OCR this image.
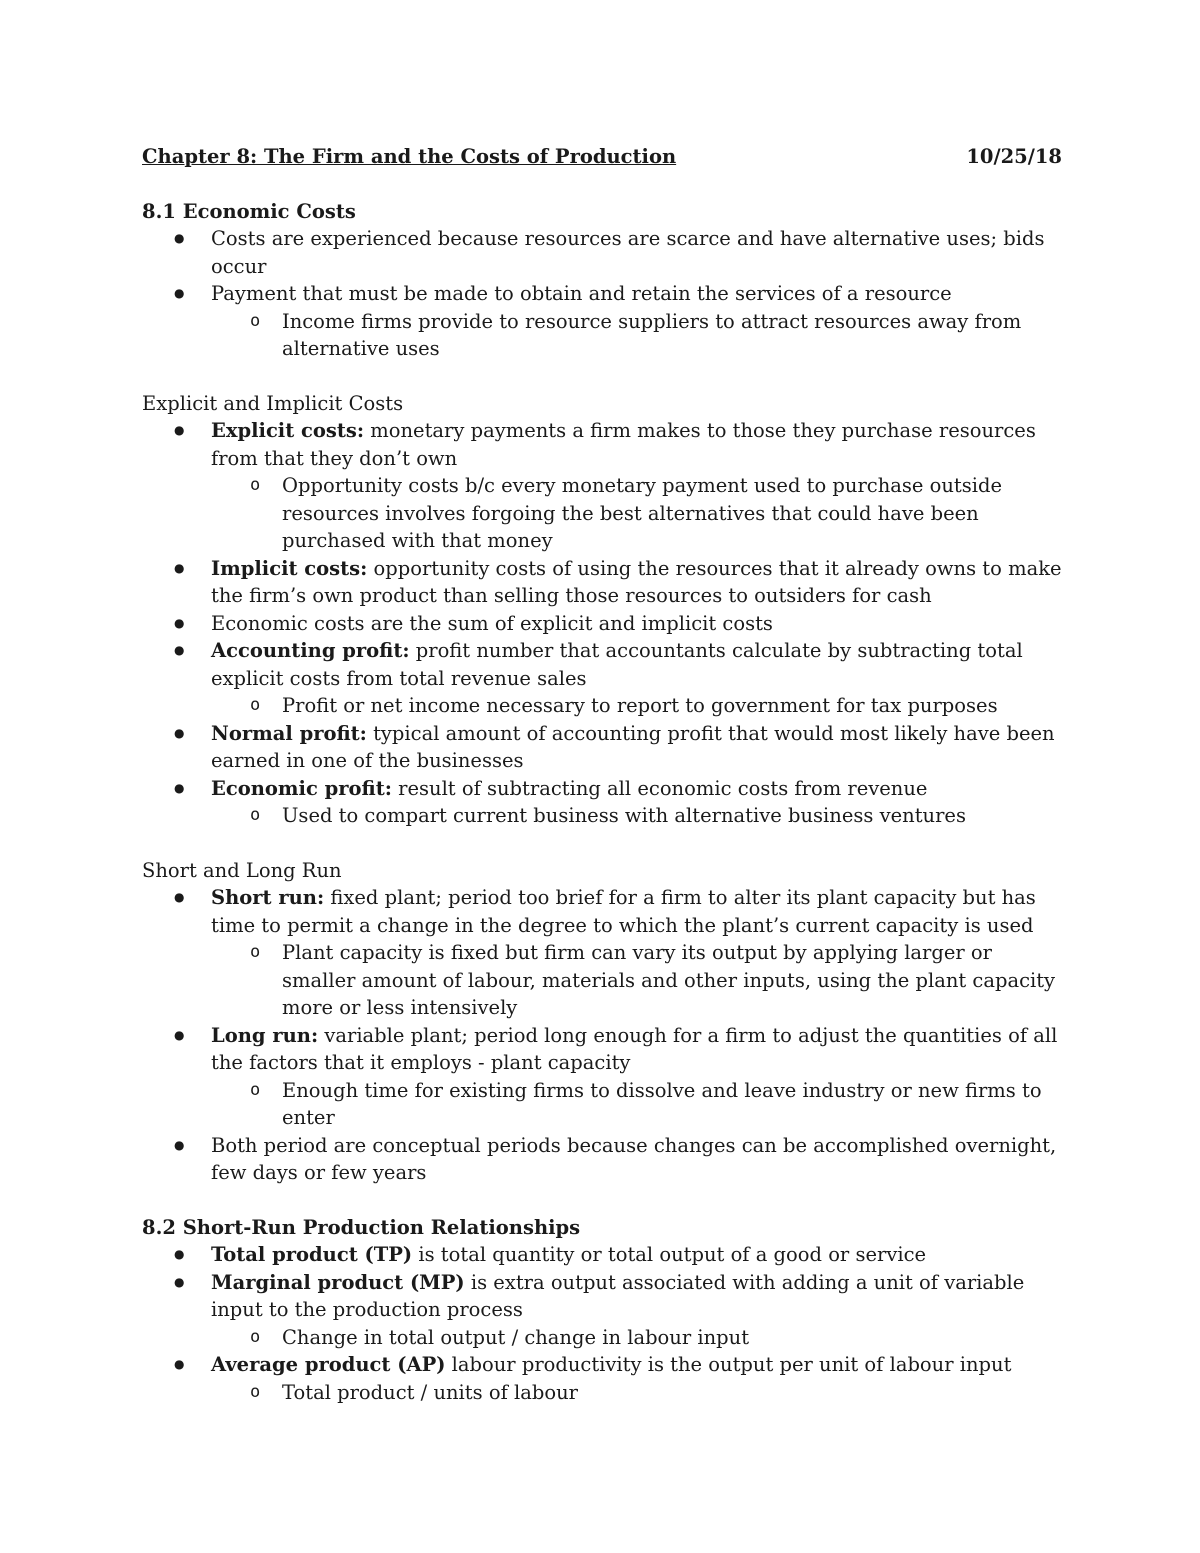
Chapter 8: The Firm and the Costs of Production	10/25/18

8.1 Economic Costs

● Costs are experienced because resources are scarce and have alternative uses; bids occur
● Payment that must be made to obtain and retain the services of a resource
o Income firms provide to resource suppliers to attract resources away from alternative uses

Explicit and Implicit Costs

● Explicit costs: monetary payments a firm makes to those they purchase resources from that they don’t own
o Opportunity costs b/c every monetary payment used to purchase outside resources involves forgoing the best alternatives that could have been purchased with that money
● Implicit costs: opportunity costs of using the resources that it already owns to make the firm’s own product than selling those resources to outsiders for cash
● Economic costs are the sum of explicit and implicit costs
● Accounting profit: profit number that accountants calculate by subtracting total explicit costs from total revenue sales
o Profit or net income necessary to report to government for tax purposes
● Normal profit: typical amount of accounting profit that would most likely have been earned in one of the businesses
● Economic profit: result of subtracting all economic costs from revenue
o Used to compart current business with alternative business ventures

Short and Long Run

● Short run: fixed plant; period too brief for a firm to alter its plant capacity but has time to permit a change in the degree to which the plant’s current capacity is used
o Plant capacity is fixed but firm can vary its output by applying larger or smaller amount of labour, materials and other inputs, using the plant capacity more or less intensively
● Long run: variable plant; period long enough for a firm to adjust the quantities of all the factors that it employs - plant capacity
o Enough time for existing firms to dissolve and leave industry or new firms to enter
● Both period are conceptual periods because changes can be accomplished overnight, few days or few years

8.2 Short-Run Production Relationships

● Total product (TP) is total quantity or total output of a good or service
● Marginal product (MP) is extra output associated with adding a unit of variable input to the production process
o Change in total output / change in labour input
● Average product (AP) labour productivity is the output per unit of labour input
o Total product / units of labour
